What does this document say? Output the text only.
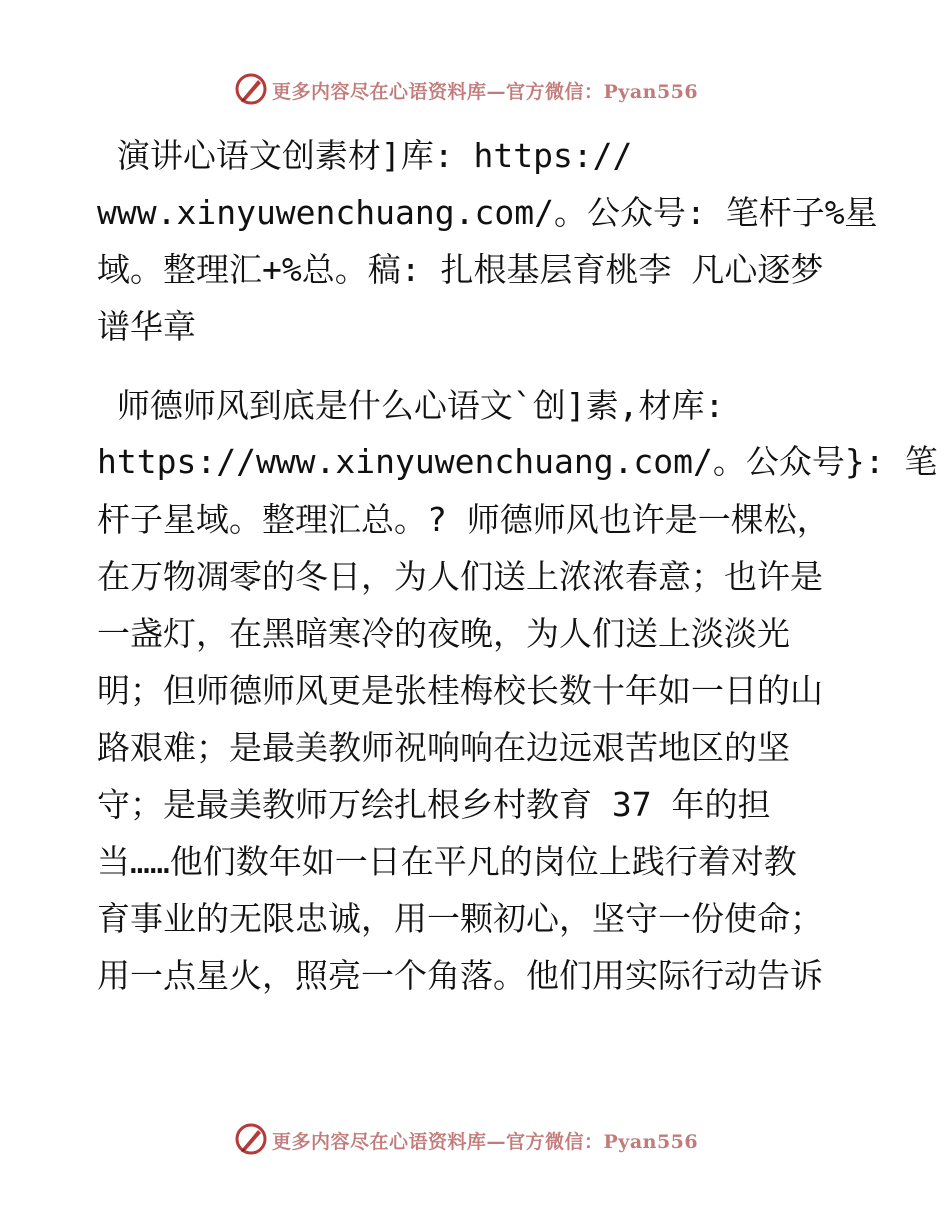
更多内容尽在心语资料库—官方微信：Pyan556
演讲心语文创素材]库: https://
www.xinyuwenchuang.com/。公众号: 笔杆子%星
域。整理汇+%总。稿: 扎根基层育桃李 凡心逐梦
谱华章
师德师风到底是什么心语文`创]素,材库:
https://www.xinyuwenchuang.com/。公众号}: 笔
杆子星域。整理汇总。? 师德师风也许是一棵松，
在万物凋零的冬日，为人们送上浓浓春意；也许是
一盏灯，在黑暗寒冷的夜晚，为人们送上淡淡光
明；但师德师风更是张桂梅校长数十年如一日的山
路艰难；是最美教师祝响响在边远艰苦地区的坚
守；是最美教师万绘扎根乡村教育 37 年的担
当……他们数年如一日在平凡的岗位上践行着对教
育事业的无限忠诚，用一颗初心，坚守一份使命；
用一点星火，照亮一个角落。他们用实际行动告诉
更多内容尽在心语资料库—官方微信：Pyan556
